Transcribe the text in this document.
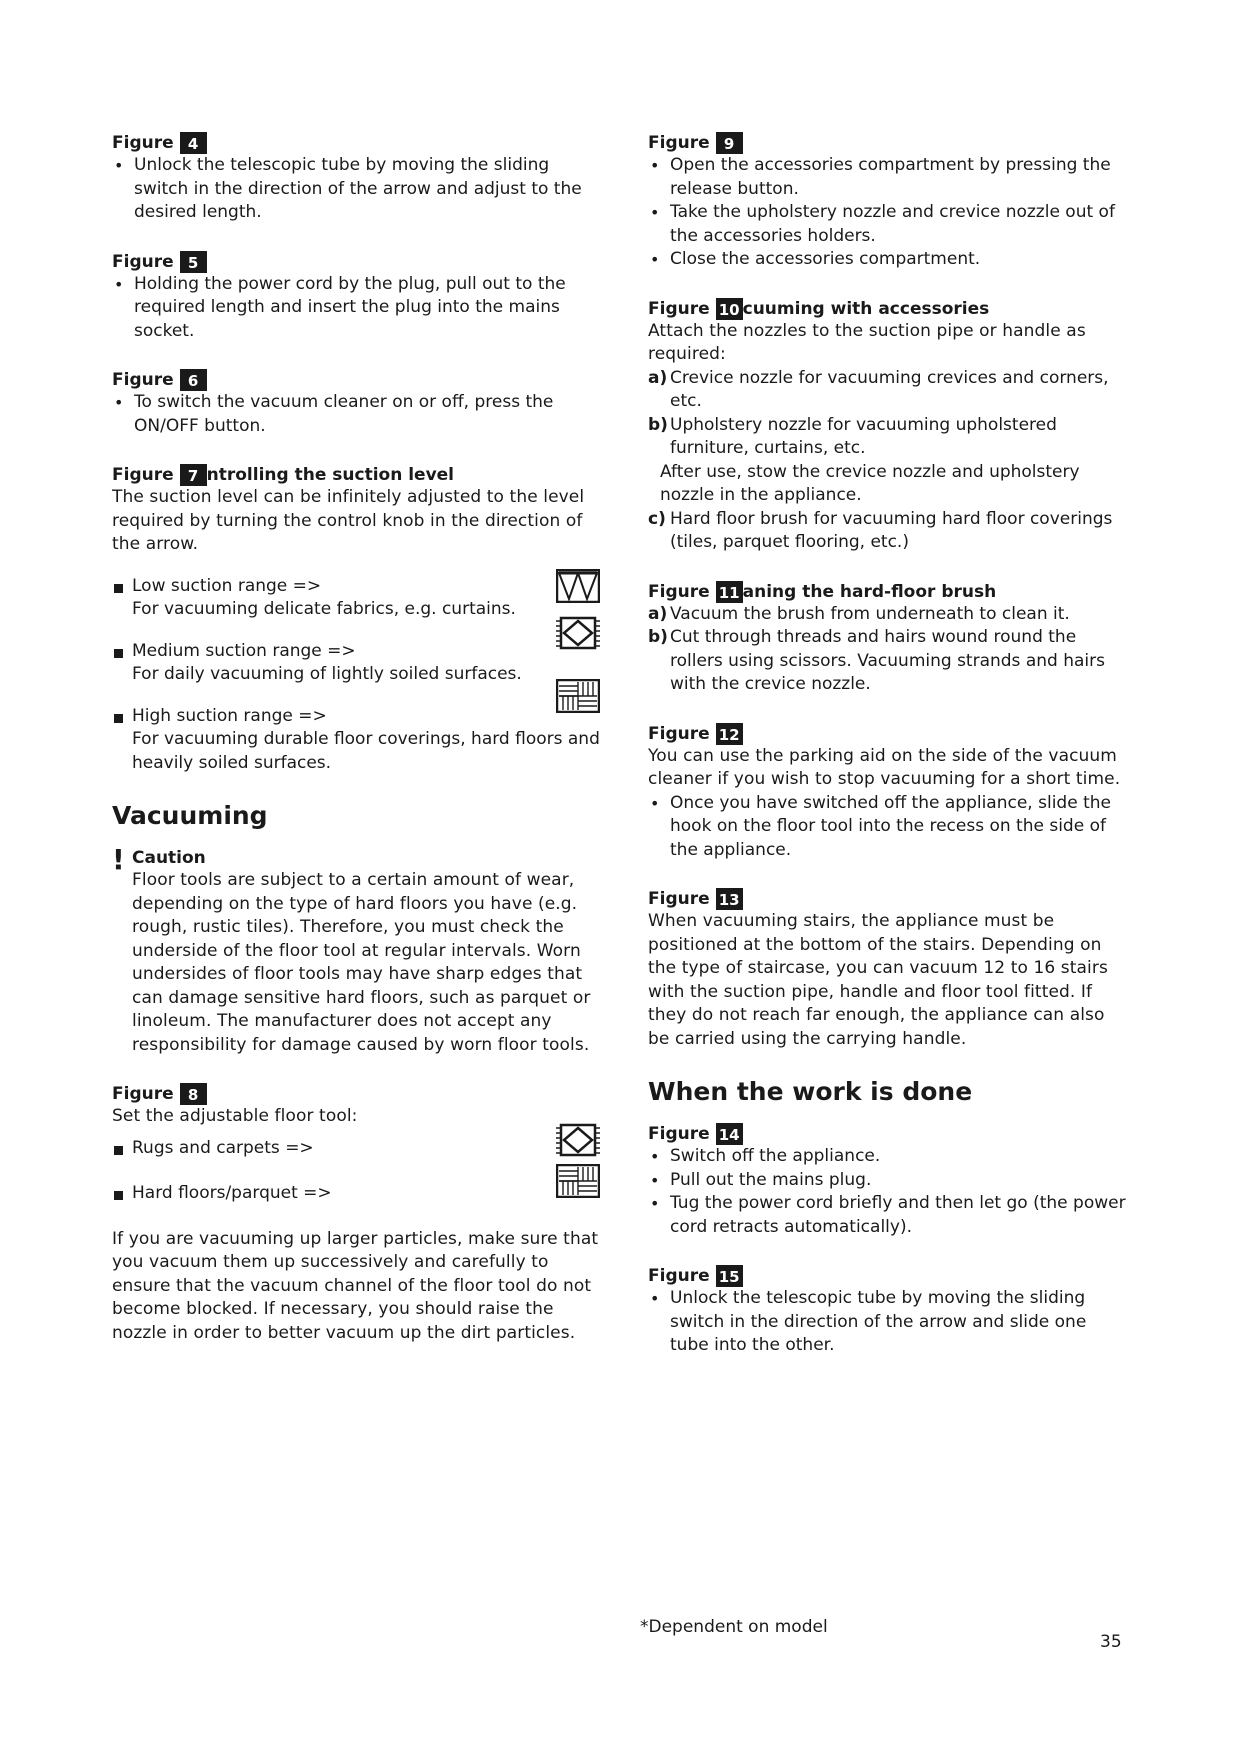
Figure 4
• Unlock the telescopic tube by moving the sliding switch in the direction of the arrow and adjust to the desired length.
Figure 5
• Holding the power cord by the plug, pull out to the required length and insert the plug into the mains socket.
Figure 6
• To switch the vacuum cleaner on or off, press the ON/OFF button.
Figure 7 ntrolling the suction level
The suction level can be infinitely adjusted to the level required by turning the control knob in the direction of the arrow.
Low suction range =>
For vacuuming delicate fabrics, e.g. curtains.
Medium suction range =>
For daily vacuuming of lightly soiled surfaces.
High suction range =>
For vacuuming durable floor coverings, hard floors and heavily soiled surfaces.
Vacuuming
! Caution
Floor tools are subject to a certain amount of wear, depending on the type of hard floors you have (e.g. rough, rustic tiles). Therefore, you must check the underside of the floor tool at regular intervals. Worn undersides of floor tools may have sharp edges that can damage sensitive hard floors, such as parquet or linoleum. The manufacturer does not accept any responsibility for damage caused by worn floor tools.
Figure 8
Set the adjustable floor tool:
Rugs and carpets =>
Hard floors/parquet =>
If you are vacuuming up larger particles, make sure that you vacuum them up successively and carefully to ensure that the vacuum channel of the floor tool do not become blocked. If necessary, you should raise the nozzle in order to better vacuum up the dirt particles.
Figure 9
• Open the accessories compartment by pressing the release button.
• Take the upholstery nozzle and crevice nozzle out of the accessories holders.
• Close the accessories compartment.
Figure 10 cuuming with accessories
Attach the nozzles to the suction pipe or handle as required:
a) Crevice nozzle for vacuuming crevices and corners, etc.
b) Upholstery nozzle for vacuuming upholstered furniture, curtains, etc.
After use, stow the crevice nozzle and upholstery nozzle in the appliance.
c) Hard floor brush for vacuuming hard floor coverings (tiles, parquet flooring, etc.)
Figure 11 aning the hard-floor brush
a) Vacuum the brush from underneath to clean it.
b) Cut through threads and hairs wound round the rollers using scissors. Vacuuming strands and hairs with the crevice nozzle.
Figure 12
You can use the parking aid on the side of the vacuum cleaner if you wish to stop vacuuming for a short time.
• Once you have switched off the appliance, slide the hook on the floor tool into the recess on the side of the appliance.
Figure 13
When vacuuming stairs, the appliance must be positioned at the bottom of the stairs. Depending on the type of staircase, you can vacuum 12 to 16 stairs with the suction pipe, handle and floor tool fitted. If they do not reach far enough, the appliance can also be carried using the carrying handle.
When the work is done
Figure 14
• Switch off the appliance.
• Pull out the mains plug.
• Tug the power cord briefly and then let go (the power cord retracts automatically).
Figure 15
• Unlock the telescopic tube by moving the sliding switch in the direction of the arrow and slide one tube into the other.
*Dependent on model
35
